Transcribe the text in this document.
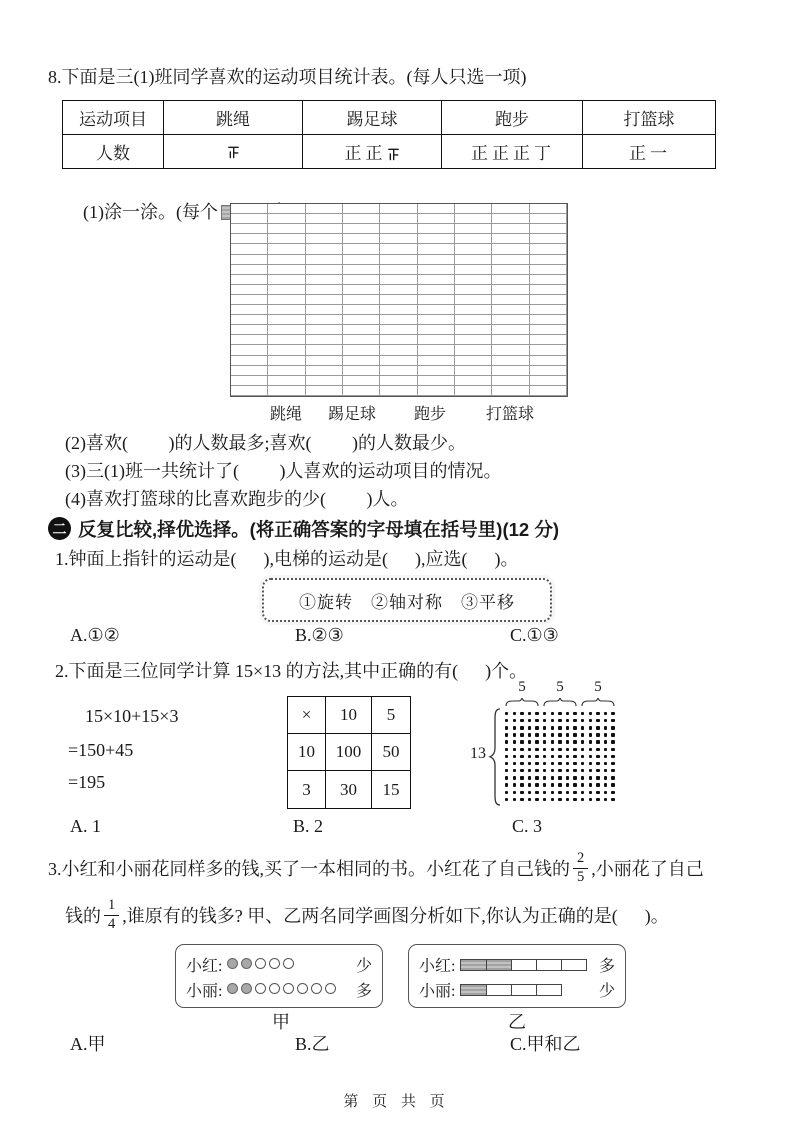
8.下面是三(1)班同学喜欢的运动项目统计表。(每人只选一项)
运动项目	跳绳	踢足球	跑步	打篮球
人数		正 正	正 正 正 丁	正 一

(1)涂一涂。(每个

跳绳	踢足球	跑步	打篮球
(2)喜欢(         )的人数最多;喜欢(         )的人数最少。
(3)三(1)班一共统计了(         )人喜欢的运动项目的情况。
(4)喜欢打篮球的比喜欢跑步的少(         )人。
二 反复比较,择优选择。(将正确答案的字母填在括号里)(12 分)
1.钟面上指针的运动是(      ),电梯的运动是(      ),应选(      )。
①旋转　②轴对称　③平移
A.①②	B.②③	C.①③
2.下面是三位同学计算 15×13 的方法,其中正确的有(      )个。
15×10+15×3
=150+45
=195
×	10	5
10	100	50
3	30	15
5	5	5
13
A. 1	B. 2	C. 3
3.小红和小丽花同样多的钱,买了一本相同的书。小红花了自己钱的 $\frac{2}{5}$ ,小丽花了自己
钱的 $\frac{1}{4}$ ,谁原有的钱多? 甲、乙两名同学画图分析如下,你认为正确的是(      )。
小红:	少
小丽:	多
小红:	多
小丽:	少
甲	乙
A.甲	B.乙	C.甲和乙
第 页 共 页
